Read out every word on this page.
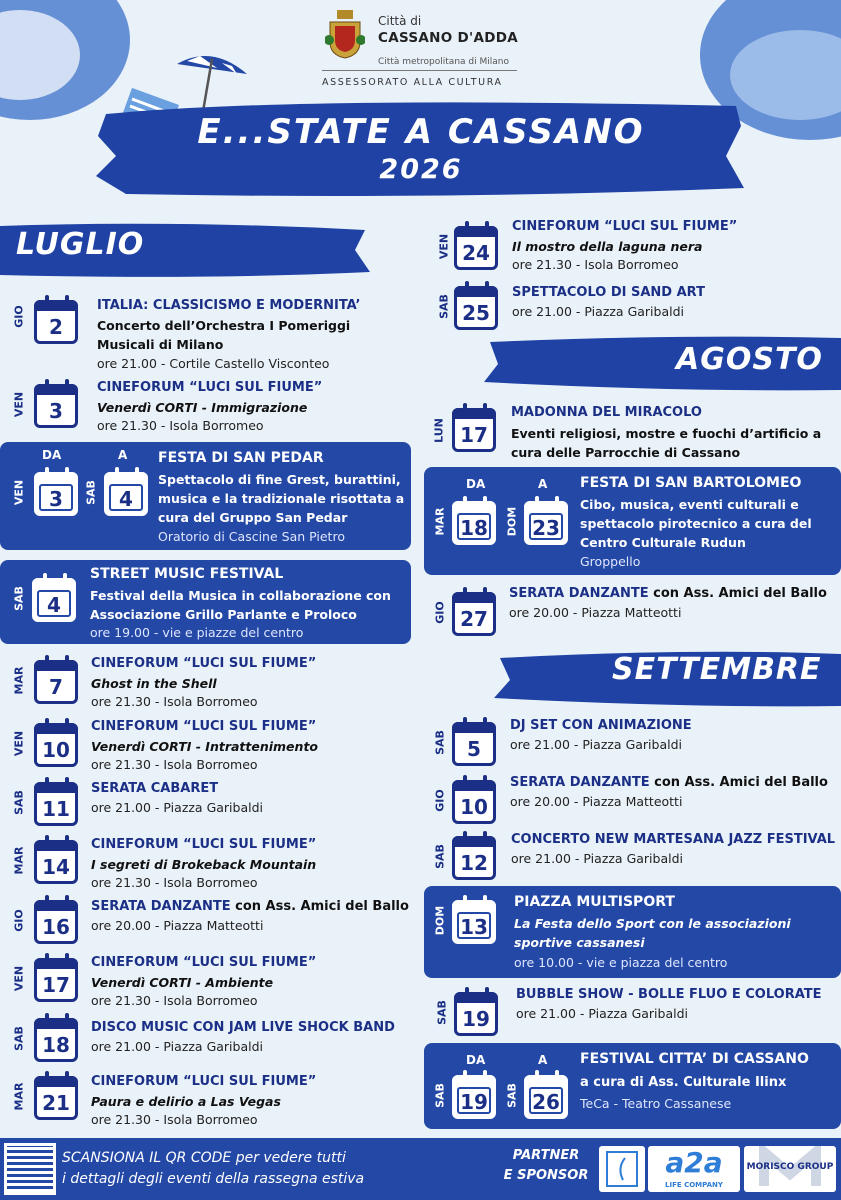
Città di
CASSANO D'ADDA
Città metropolitana di Milano
ASSESSORATO ALLA CULTURA
E...STATE A CASSANO
2026
LUGLIO
AGOSTO
SETTEMBRE
GIO	2
ITALIA: CLASSICISMO E MODERNITA’
Concerto dell’Orchestra I Pomeriggi Musicali di Milano
ore 21.00 - Cortile Castello Visconteo
VEN	3
CINEFORUM “LUCI SUL FIUME”
Venerdì CORTI - Immigrazione
ore 21.30 - Isola Borromeo
DA	A
VEN	3	SAB	4
FESTA DI SAN PEDAR
Spettacolo di fine Grest, burattini, musica e la tradizionale risottata a cura del Gruppo San Pedar
Oratorio di Cascine San Pietro
SAB	4
STREET MUSIC FESTIVAL
Festival della Musica in collaborazione con Associazione Grillo Parlante e Proloco
ore 19.00 - vie e piazze del centro
MAR	7
CINEFORUM “LUCI SUL FIUME”
Ghost in the Shell
ore 21.30 - Isola Borromeo
VEN 10
CINEFORUM “LUCI SUL FIUME”
Venerdì CORTI - Intrattenimento
ore 21.30 - Isola Borromeo
SAB 11
SERATA CABARET
ore 21.00 - Piazza Garibaldi
MAR 14
CINEFORUM “LUCI SUL FIUME”
I segreti di Brokeback Mountain
ore 21.30 - Isola Borromeo
GIO 16
SERATA DANZANTE con Ass. Amici del Ballo
ore 20.00 - Piazza Matteotti
VEN 17
CINEFORUM “LUCI SUL FIUME”
Venerdì CORTI - Ambiente
ore 21.30 - Isola Borromeo
SAB 18
DISCO MUSIC CON JAM LIVE SHOCK BAND
ore 21.00 - Piazza Garibaldi
MAR 21
CINEFORUM “LUCI SUL FIUME”
Paura e delirio a Las Vegas
ore 21.30 - Isola Borromeo
VEN 24
CINEFORUM “LUCI SUL FIUME”
Il mostro della laguna nera
ore 21.30 - Isola Borromeo
SAB 25
SPETTACOLO DI SAND ART
ore 21.00 - Piazza Garibaldi
LUN 17
MADONNA DEL MIRACOLO
Eventi religiosi, mostre e fuochi d’artificio a cura delle Parrocchie di Cassano
DA	A
MAR 18	DOM 23
FESTA DI SAN BARTOLOMEO
Cibo, musica, eventi culturali e spettacolo pirotecnico a cura del Centro Culturale Rudun
Groppello
GIO 27
SERATA DANZANTE con Ass. Amici del Ballo
ore 20.00 - Piazza Matteotti
SAB	5
DJ SET CON ANIMAZIONE
ore 21.00 - Piazza Garibaldi
GIO 10
SERATA DANZANTE con Ass. Amici del Ballo
ore 20.00 - Piazza Matteotti
SAB 12
CONCERTO NEW MARTESANA JAZZ FESTIVAL
ore 21.00 - Piazza Garibaldi
DOM 13
PIAZZA MULTISPORT
La Festa dello Sport con le associazioni sportive cassanesi
ore 10.00 - vie e piazza del centro
SAB 19
BUBBLE SHOW - BOLLE FLUO E COLORATE
ore 21.00 - Piazza Garibaldi
DA	A
SAB 19	SAB 26
FESTIVAL CITTA’ DI CASSANO
a cura di Ass. Culturale Ilinx
TeCa - Teatro Cassanese
SCANSIONA IL QR CODE per vedere tutti
i dettagli degli eventi della rassegna estiva
PARTNER
E SPONSOR	a2a
LIFE COMPANY
MORISCO GROUP
